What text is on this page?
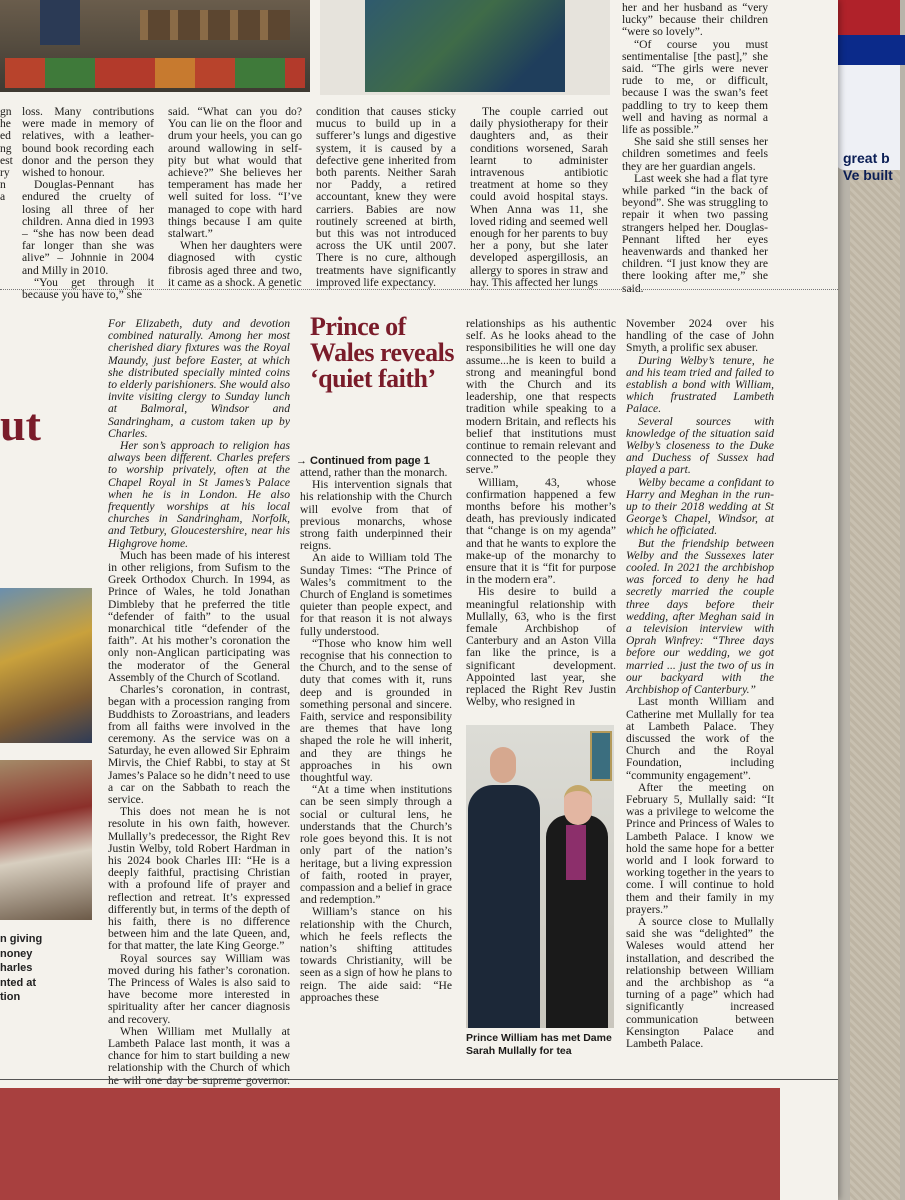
great b
Ve built
gn
he
ed
ng
est
ry
n
a

loss. Many contributions were made in memory of relatives, with a leather-bound book recording each donor and the person they wished to honour.

Douglas-Pennant has endured the cruelty of losing all three of her children. Anna died in 1993 – “she has now been dead far longer than she was alive” – Johnnie in 2004 and Milly in 2010.

“You get through it because you have to,” she

said. “What can you do? You can lie on the floor and drum your heels, you can go around wallowing in self-pity but what would that achieve?” She believes her temperament has made her well suited for loss. “I’ve managed to cope with hard things because I am quite stalwart.”

When her daughters were diagnosed with cystic fibrosis aged three and two, it came as a shock. A genetic

condition that causes sticky mucus to build up in a sufferer’s lungs and digestive system, it is caused by a defective gene inherited from both parents. Neither Sarah nor Paddy, a retired accountant, knew they were carriers. Babies are now routinely screened at birth, but this was not introduced across the UK until 2007. There is no cure, although treatments have significantly improved life expectancy.

The couple carried out daily physiotherapy for their daughters and, as their conditions worsened, Sarah learnt to administer intravenous antibiotic treatment at home so they could avoid hospital stays. When Anna was 11, she loved riding and seemed well enough for her parents to buy her a pony, but she later developed aspergillosis, an allergy to spores in straw and hay. This affected her lungs

her and her husband as “very lucky” because their children “were so lovely”.

“Of course you must sentimentalise [the past],” she said. “The girls were never rude to me, or difficult, because I was the swan’s feet paddling to try to keep them well and having as normal a life as possible.”

She said she still senses her children sometimes and feels they are her guardian angels.

Last week she had a flat tyre while parked “in the back of beyond”. She was struggling to repair it when two passing strangers helped her. Douglas-Pennant lifted her eyes heavenwards and thanked her children. “I just know they are there looking after me,” she said.

ut
n giving
noney
harles
nted at
tion

For Elizabeth, duty and devotion combined naturally. Among her most cherished diary fixtures was the Royal Maundy, just before Easter, at which she distributed specially minted coins to elderly parishioners. She would also invite visiting clergy to Sunday lunch at Balmoral, Windsor and Sandringham, a custom taken up by Charles.

Her son’s approach to religion has always been different. Charles prefers to worship privately, often at the Chapel Royal in St James’s Palace when he is in London. He also frequently worships at his local churches in Sandringham, Norfolk, and Tetbury, Gloucestershire, near his Highgrove home.

Much has been made of his interest in other religions, from Sufism to the Greek Orthodox Church. In 1994, as Prince of Wales, he told Jonathan Dimbleby that he preferred the title “defender of faith” to the usual monarchical title “defender of the faith”. At his mother’s coronation the only non-Anglican participating was the moderator of the General Assembly of the Church of Scotland.

Charles’s coronation, in contrast, began with a procession ranging from Buddhists to Zoroastrians, and leaders from all faiths were involved in the ceremony. As the service was on a Saturday, he even allowed Sir Ephraim Mirvis, the Chief Rabbi, to stay at St James’s Palace so he didn’t need to use a car on the Sabbath to reach the service.

This does not mean he is not resolute in his own faith, however. Mullally’s predecessor, the Right Rev Justin Welby, told Robert Hardman in his 2024 book Charles III: “He is a deeply faithful, practising Christian with a profound life of prayer and reflection and retreat. It’s expressed differently but, in terms of the depth of his faith, there is no difference between him and the late Queen, and, for that matter, the late King George.”

Royal sources say William was moved during his father’s coronation. The Princess of Wales is also said to have become more interested in spirituality after her cancer diagnosis and recovery.

When William met Mullally at Lambeth Palace last month, it was a chance for him to start building a new relationship with the Church of which he will one day be supreme governor.

Prince of Wales reveals ‘quiet faith’
→ Continued from page 1

attend, rather than the monarch.

His intervention signals that his relationship with the Church will evolve from that of previous monarchs, whose strong faith underpinned their reigns.

An aide to William told The Sunday Times: “The Prince of Wales’s commitment to the Church of England is sometimes quieter than people expect, and for that reason it is not always fully understood.

“Those who know him well recognise that his connection to the Church, and to the sense of duty that comes with it, runs deep and is grounded in something personal and sincere. Faith, service and responsibility are themes that have long shaped the role he will inherit, and they are things he approaches in his own thoughtful way.

“At a time when institutions can be seen simply through a social or cultural lens, he understands that the Church’s role goes beyond this. It is not only part of the nation’s heritage, but a living expression of faith, rooted in prayer, compassion and a belief in grace and redemption.”

William’s stance on his relationship with the Church, which he feels reflects the nation’s shifting attitudes towards Christianity, will be seen as a sign of how he plans to reign. The aide said: “He approaches these

relationships as his authentic self. As he looks ahead to the responsibilities he will one day assume...he is keen to build a strong and meaningful bond with the Church and its leadership, one that respects tradition while speaking to a modern Britain, and reflects his belief that institutions must continue to remain relevant and connected to the people they serve.”

William, 43, whose confirmation happened a few months before his mother’s death, has previously indicated that “change is on my agenda” and that he wants to explore the make-up of the monarchy to ensure that it is “fit for purpose in the modern era”.

His desire to build a meaningful relationship with Mullally, 63, who is the first female Archbishop of Canterbury and an Aston Villa fan like the prince, is a significant development. Appointed last year, she replaced the Right Rev Justin Welby, who resigned in

Prince William has met Dame Sarah Mullally for tea

November 2024 over his handling of the case of John Smyth, a prolific sex abuser.

During Welby’s tenure, he and his team tried and failed to establish a bond with William, which frustrated Lambeth Palace.

Several sources with knowledge of the situation said Welby’s closeness to the Duke and Duchess of Sussex had played a part.

Welby became a confidant to Harry and Meghan in the run-up to their 2018 wedding at St George’s Chapel, Windsor, at which he officiated.

But the friendship between Welby and the Sussexes later cooled. In 2021 the archbishop was forced to deny he had secretly married the couple three days before their wedding, after Meghan said in a television interview with Oprah Winfrey: “Three days before our wedding, we got married ... just the two of us in our backyard with the Archbishop of Canterbury.”

Last month William and Catherine met Mullally for tea at Lambeth Palace. They discussed the work of the Church and the Royal Foundation, including “community engagement”.

After the meeting on February 5, Mullally said: “It was a privilege to welcome the Prince and Princess of Wales to Lambeth Palace. I know we hold the same hope for a better world and I look forward to working together in the years to come. I will continue to hold them and their family in my prayers.”

A source close to Mullally said she was “delighted” the Waleses would attend her installation, and described the relationship between William and the archbishop as “a turning of a page” which had significantly increased communication between Kensington Palace and Lambeth Palace.
